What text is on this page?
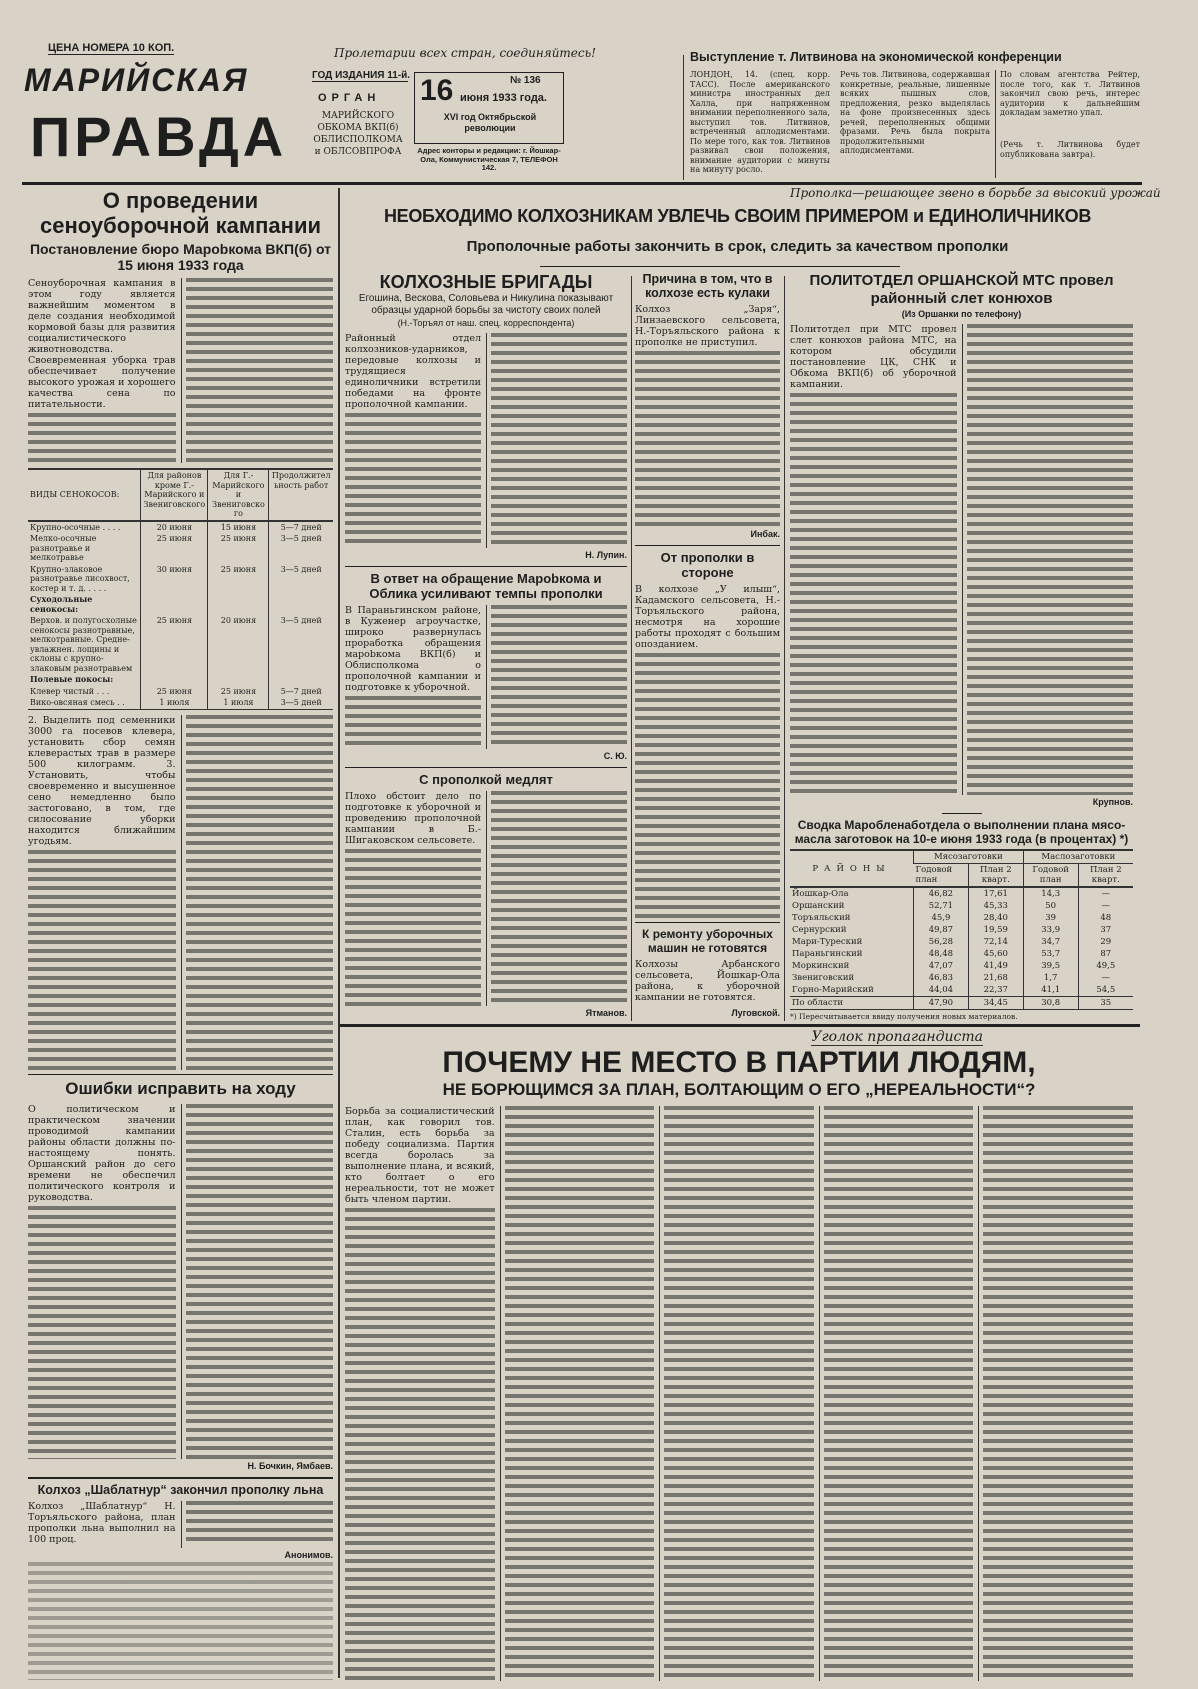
ЦЕНА НОМЕРА 10 КОП.
МАРИЙСКАЯ
ПРАВДА
Пролетарии всех стран, соединяйтесь!
ГОД ИЗДАНИЯ 11-й.
ОРГАН
МАРИЙСКОГО ОБКОМА ВКП(б) ОБЛИСПОЛКОМА и ОБЛСОВПРОФА
16	№ 136
июня 1933 года.
XVI год Октябрьской революции
Адрес конторы и редакции: г. Йошкар-Ола, Коммунистическая 7, ТЕЛЕФОН 142.
Выступление т. Литвинова на экономической конференции
ЛОНДОН, 14. (спец. корр. ТАСС). После американского министра иностранных дел Халла, при напряженном внимании переполненного зала, выступил тов. Литвинов, встреченный аплодисментами. По мере того, как тов. Литвинов развивал свои положения, внимание аудитории с минуты на минуту росло.
Речь тов. Литвинова, содержавшая конкретные, реальные, лишенные всяких пышных слов, предложения, резко выделялась на фоне произнесенных здесь речей, переполненных общими фразами. Речь была покрыта продолжительными аплодисментами.
По словам агентства Рейтер, после того, как т. Литвинов закончил свою речь, интерес аудитории к дальнейшим докладам заметно упал.
(Речь т. Литвинова будет опубликована завтра).
О проведении сеноуборочной кампании
Постановление бюро Марobкома ВКП(б) от 15 июня 1933 года
Сеноуборочная кампания в этом году является важнейшим моментом в деле создания необходимой кормовой базы для развития социалистического животноводства. Своевременная уборка трав обеспечивает получение высокого урожая и хорошего качества сена по питательности.
ВИДЫ СЕНОКОСОВ:	Для районов кроме Г.-Марийского и Звениговского	Для Г.-Марийского и Звениговского	Продолжительность работ
Крупно-осочные . . . .	20 июня	15 июня	5—7 дней
Мелко-осочные разнотравье и мелкотравье	25 июня	25 июня	3—5 дней
Крупно-злаковое разнотравье лисохвост, костер и т. д. . . . .	30 июня	25 июня	3—5 дней
Суходольные сенокосы:			
Верхов. и полугосхолные сенокосы разнотравные, мелкотравные. Средне-увлажнен. лощины и склоны с крупно-злаковым разнотравьем	25 июня	20 июня	3—5 дней
Полевые покосы:			
Клевер чистый . . .	25 июня	25 июня	5—7 дней
Вико-овсяная смесь . .	1 июля	1 июля	3—5 дней
2. Выделить под семенники 3000 га посевов клевера, установить сбор семян клеверастых трав в размере 500 килограмм. 3. Установить, чтобы своевременно и высушенное сено немедленно было застоговано, в том, где силосование уборки находится ближайшим угодьям.
Ошибки исправить на ходу
О политическом и практическом значении проводимой кампании районы области должны по-настоящему понять. Оршанский район до сего времени не обеспечил политического контроля и руководства.
Н. Бочкин, Ямбаев.
Колхоз „Шаблатнур“ закончил прополку льна
Колхоз „Шаблатнур“ Н. Торъяльского района, план прополки льна выполнил на 100 проц.
Анонимов.
Прополка—решающее звено в борьбе за высокий урожай
НЕОБХОДИМО КОЛХОЗНИКАМ УВЛЕЧЬ СВОИМ ПРИМЕРОМ и ЕДИНОЛИЧНИКОВ
Прополочные работы закончить в срок, следить за качеством прополки
КОЛХОЗНЫЕ БРИГАДЫ
Егошина, Вескова, Соловьева и Никулина показывают образцы ударной борьбы за чистоту своих полей
(Н.-Торъял от наш. спец. корреспондента)
Районный отдел колхозников-ударников, передовые колхозы и трудящиеся единоличники встретили победами на фронте прополочной кампании.
Н. Лупин.
В ответ на обращение Марobкома и Облика усиливают темпы прополки
В Параньгинском районе, в Куженер агроучастке, широко развернулась проработка обращения марobкома ВКП(б) и Облисполкома о прополочной кампании и подготовке к уборочной.
С. Ю.
С прополкой медлят
Плохо обстоит дело по подготовке к уборочной и проведению прополочной кампании в Б.-Шигаковском сельсовете.
Ятманов.
Причина в том, что в колхозе есть кулаки
Колхоз „Заря“, Линзаевского сельсовета, Н.-Торъяльского района к прополке не приступил.
Инбак.
От прополки в стороне
В колхозе „У илыш“, Кадамского сельсовета, Н.-Торъяльского района, несмотря на хорошие работы проходят с большим опозданием.
К ремонту уборочных машин не готовятся
Колхозы Арбанского сельсовета, Йошкар-Ола района, к уборочной кампании не готовятся.
Луговской.
ПОЛИТОТДЕЛ ОРШАНСКОЙ МТС провел районный слет конюхов
(Из Оршанки по телефону)
Политотдел при МТС провел слет конюхов района МТС, на котором обсудили постановление ЦК, СНК и Обкома ВКП(б) об уборочной кампании.
Крупнов.
Сводка Маробленаботдела о выполнении плана мясо-масла заготовок на 10-е июня 1933 года (в процентах) *)
РАЙОНЫ	Мясозаготовки		Маслозаготовки	
	Годовой план	План 2 кварт.	Годовой план	План 2 кварт.
Йошкар-Ола	46,82	17,61	14,3	—
Оршанский	52,71	45,33	50	—
Торъяльский	45,9	28,40	39	48
Сернурский	49,87	19,59	33,9	37
Мари-Туреский	56,28	72,14	34,7	29
Параньгинский	48,48	45,60	53,7	87
Моркинский	47,07	41,49	39,5	49,5
Звениговский	46,83	21,68	1,7	—
Горно-Марийский	44,04	22,37	41,1	54,5
По области	47,90	34,45	30,8	35
*) Пересчитывается ввиду получения новых материалов.
Уголок пропагандиста
ПОЧЕМУ НЕ МЕСТО В ПАРТИИ ЛЮДЯМ,
НЕ БОРЮЩИМСЯ ЗА ПЛАН, БОЛТАЮЩИМ О ЕГО „НЕРЕАЛЬНОСТИ“?
Борьба за социалистический план, как говорил тов. Сталин, есть борьба за победу социализма. Партия всегда боролась за выполнение плана, и всякий, кто болтает о его нереальности, тот не может быть членом партии.
